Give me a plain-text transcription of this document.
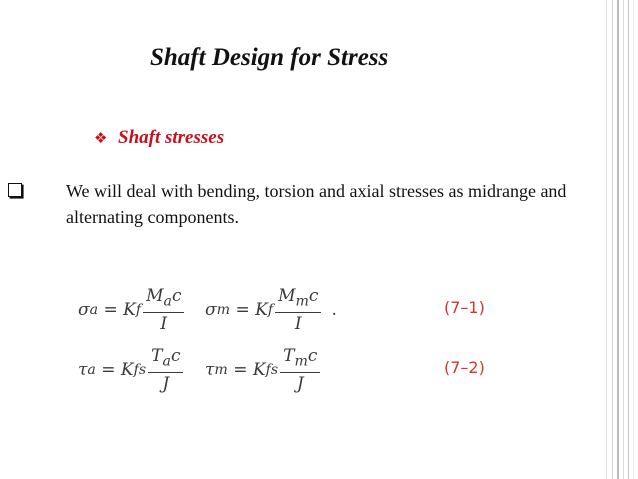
Shaft Design for Stress
❖ Shaft stresses
We will deal with bending, torsion and axial stresses as midrange and alternating components.
σ a = K f $\frac{M_ac}{I}$ σ m = K f $\frac{M_mc}{I}$ .	(7–1)
τ a = K fs $\frac{T_ac}{J}$ τ m = K fs $\frac{T_mc}{J}$	(7–2)
